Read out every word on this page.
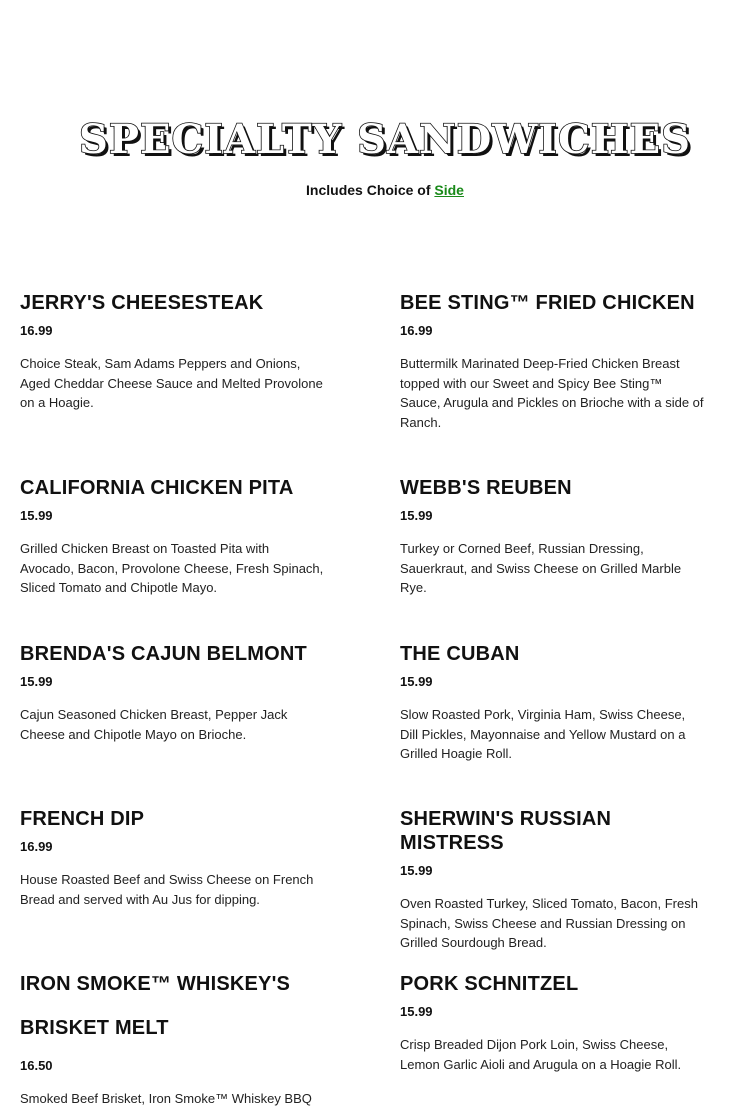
SPECIALTY SANDWICHES
Includes Choice of Side
JERRY'S CHEESESTEAK
16.99
Choice Steak, Sam Adams Peppers and Onions, Aged Cheddar Cheese Sauce and Melted Provolone on a Hoagie.
BEE STING™ FRIED CHICKEN
16.99
Buttermilk Marinated Deep-Fried Chicken Breast topped with our Sweet and Spicy Bee Sting™ Sauce, Arugula and Pickles on Brioche with a side of Ranch.
CALIFORNIA CHICKEN PITA
15.99
Grilled Chicken Breast on Toasted Pita with Avocado, Bacon, Provolone Cheese, Fresh Spinach, Sliced Tomato and Chipotle Mayo.
WEBB'S REUBEN
15.99
Turkey or Corned Beef, Russian Dressing, Sauerkraut, and Swiss Cheese on Grilled Marble Rye.
BRENDA'S CAJUN BELMONT
15.99
Cajun Seasoned Chicken Breast, Pepper Jack Cheese and Chipotle Mayo on Brioche.
THE CUBAN
15.99
Slow Roasted Pork, Virginia Ham, Swiss Cheese, Dill Pickles, Mayonnaise and Yellow Mustard on a Grilled Hoagie Roll.
FRENCH DIP
16.99
House Roasted Beef and Swiss Cheese on French Bread and served with Au Jus for dipping.
SHERWIN'S RUSSIAN MISTRESS
15.99
Oven Roasted Turkey, Sliced Tomato, Bacon, Fresh Spinach, Swiss Cheese and Russian Dressing on Grilled Sourdough Bread.
IRON SMOKE™ WHISKEY'S BRISKET MELT
16.50
Smoked Beef Brisket, Iron Smoke™ Whiskey BBQ
PORK SCHNITZEL
15.99
Crisp Breaded Dijon Pork Loin, Swiss Cheese, Lemon Garlic Aioli and Arugula on a Hoagie Roll.
